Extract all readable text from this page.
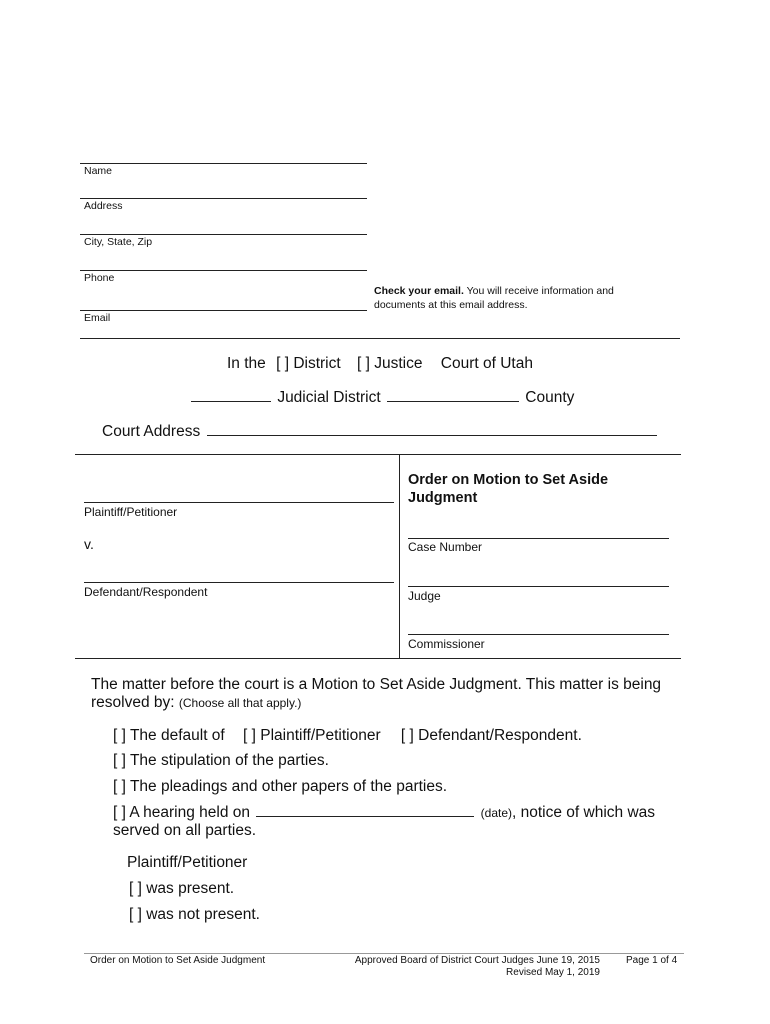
Name
Address
City, State, Zip
Phone
Email
Check your email. You will receive information and
documents at this email address.
In the [ ] District [ ] Justice Court of Utah
Judicial District	County
Court Address
Plaintiff/Petitioner
v.
Defendant/Respondent
Order on Motion to Set Aside
Judgment
Case Number
Judge
Commissioner
The matter before the court is a Motion to Set Aside Judgment. This matter is being
resolved by: (Choose all that apply.)
[ ] The default of [ ] Plaintiff/Petitioner [ ] Defendant/Respondent.
[ ] The stipulation of the parties.
[ ] The pleadings and other papers of the parties.
[ ] A hearing held on	(date), notice of which was
served on all parties.
Plaintiff/Petitioner
[ ] was present.
[ ] was not present.
Order on Motion to Set Aside Judgment	Approved Board of District Court Judges June 19, 2015
Revised May 1, 2019
Page 1 of 4
